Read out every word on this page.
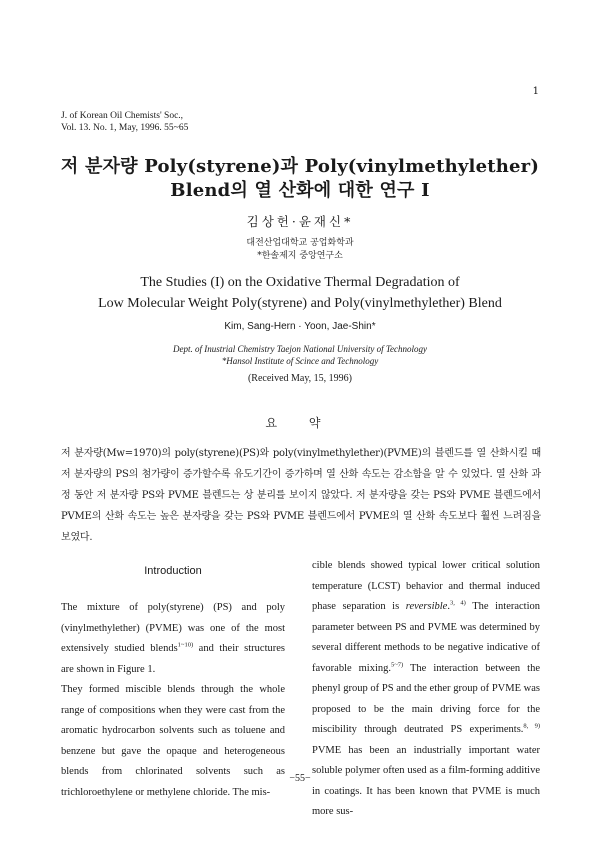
1
J. of Korean Oil Chemists' Soc.,
Vol. 13. No. 1, May, 1996. 55~65
저 분자량 Poly(styrene)과 Poly(vinylmethylether)
Blend의 열 산화에 대한 연구 I
김상헌·윤재신*
대전산업대학교 공업화학과
*한솔제지 중앙연구소
The Studies (I) on the Oxidative Thermal Degradation of
Low Molecular Weight Poly(styrene) and Poly(vinylmethylether) Blend
Kim, Sang-Hern · Yoon, Jae-Shin*
Dept. of Inustrial Chemistry Taejon National University of Technology
*Hansol Institute of Scince and Technology
(Received May, 15, 1996)
요 약
저 분자량(Mw=1970)의 poly(styrene)(PS)와 poly(vinylmethylether)(PVME)의 블렌드를 열 산화시킬 때 저 분자량의 PS의 첨가량이 증가할수록 유도기간이 증가하며 열 산화 속도는 감소함을 알 수 있었다. 열 산화 과정 동안 저 분자량 PS와 PVME 블렌드는 상 분리를 보이지 않았다. 저 분자량을 갖는 PS와 PVME 블렌드에서 PVME의 산화 속도는 높은 분자량을 갖는 PS와 PVME 블렌드에서 PVME의 열 산화 속도보다 훨씬 느려짐을 보였다.
Introduction

The mixture of poly(styrene) (PS) and poly (vinylmethylether) (PVME) was one of the most extensively studied blends$^{1\sim 10)}$ and their structures are shown in Figure 1.

They formed miscible blends through the whole range of compositions when they were cast from the aromatic hydrocarbon solvents such as toluene and benzene but gave the opaque and heterogeneous blends from chlorinated solvents such as trichloroethylene or methylene chloride. The mis-

cible blends showed typical lower critical solution temperature (LCST) behavior and thermal induced phase separation is reversible.$^{3, 4)}$ The interaction parameter between PS and PVME was determined by several different methods to be negative indicative of favorable mixing.$^{5\sim 7)}$ The interaction between the phenyl group of PS and the ether group of PVME was proposed to be the main driving force for the miscibility through deutrated PS experiments.$^{8, 9)}$ PVME has been an industrially important water soluble polymer often used as a film-forming additive in coatings. It has been known that PVME is much more sus-

−55−
